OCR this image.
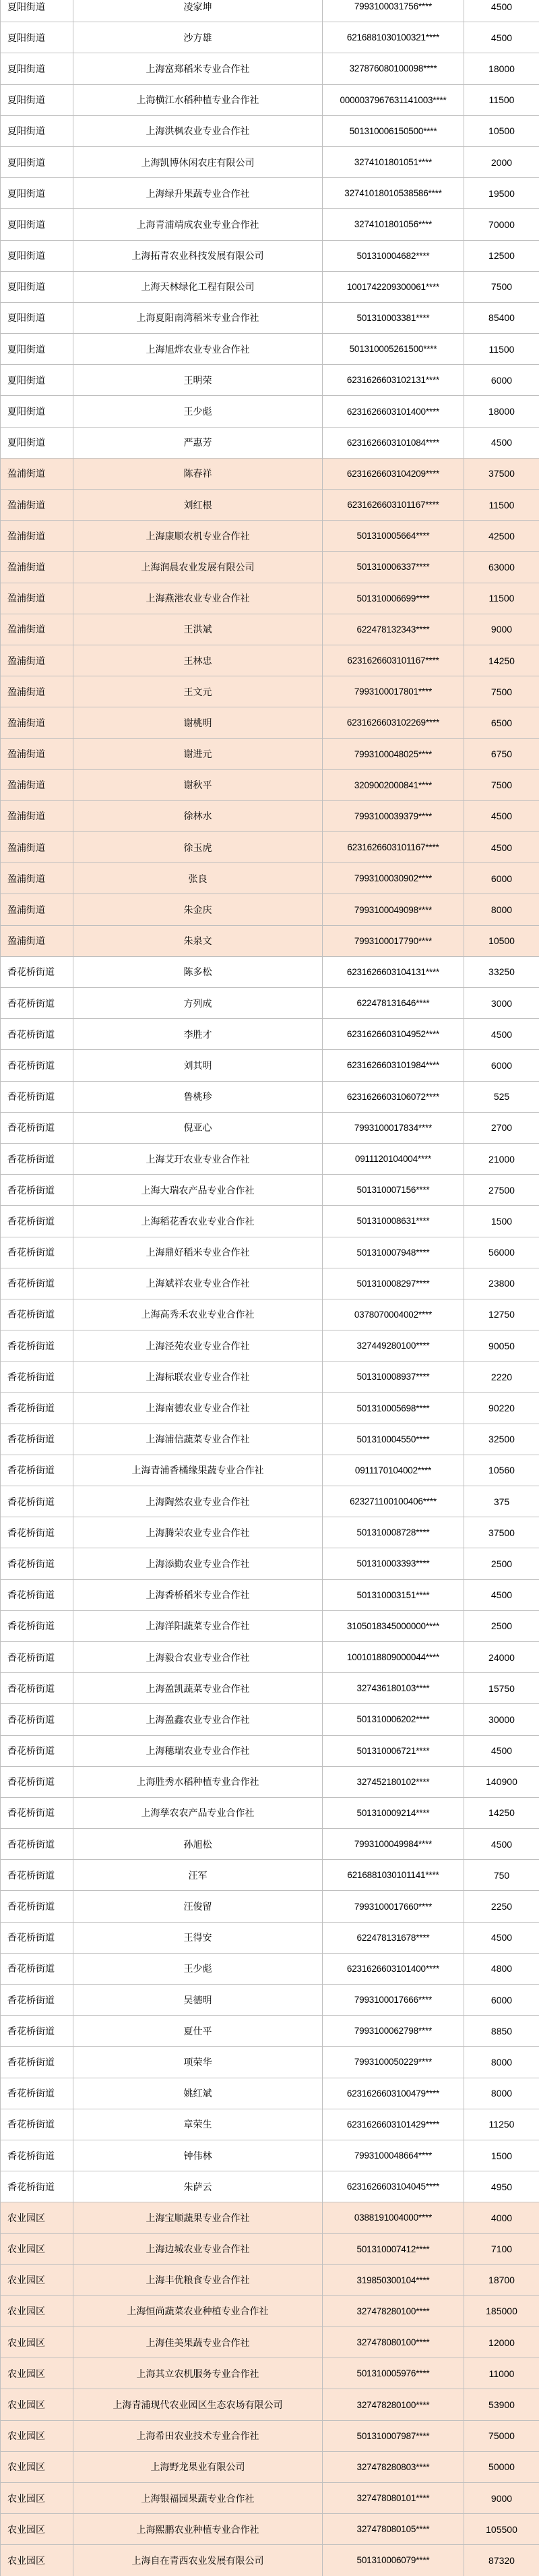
夏阳街道	凌家坤	7993100031756****	4500
夏阳街道	沙方雄	6216881030100321****	4500
夏阳街道	上海富郑稻米专业合作社	327876080100098****	18000
夏阳街道	上海横江水稻种植专业合作社	0000037967631141003****	11500
夏阳街道	上海洪枫农业专业合作社	501310006150500****	10500
夏阳街道	上海凯博休闲农庄有限公司	3274101801051****	2000
夏阳街道	上海绿升果蔬专业合作社	32741018010538586****	19500
夏阳街道	上海青浦靖成农业专业合作社	3274101801056****	70000
夏阳街道	上海拓青农业科技发展有限公司	501310004682****	12500
夏阳街道	上海天林绿化工程有限公司	1001742209300061****	7500
夏阳街道	上海夏阳南湾稻米专业合作社	501310003381****	85400
夏阳街道	上海旭烨农业专业合作社	501310005261500****	11500
夏阳街道	王明荣	6231626603102131****	6000
夏阳街道	王少彪	6231626603101400****	18000
夏阳街道	严惠芳	6231626603101084****	4500
盈浦街道	陈春祥	6231626603104209****	37500
盈浦街道	刘红根	6231626603101167****	11500
盈浦街道	上海康顺农机专业合作社	501310005664****	42500
盈浦街道	上海润晨农业发展有限公司	501310006337****	63000
盈浦街道	上海燕港农业专业合作社	501310006699****	11500
盈浦街道	王洪斌	622478132343****	9000
盈浦街道	王林忠	6231626603101167****	14250
盈浦街道	王文元	7993100017801****	7500
盈浦街道	谢桃明	6231626603102269****	6500
盈浦街道	谢进元	7993100048025****	6750
盈浦街道	谢秋平	3209002000841****	7500
盈浦街道	徐林水	7993100039379****	4500
盈浦街道	徐玉虎	6231626603101167****	4500
盈浦街道	张良	7993100030902****	6000
盈浦街道	朱金庆	7993100049098****	8000
盈浦街道	朱泉文	7993100017790****	10500
香花桥街道	陈多松	6231626603104131****	33250
香花桥街道	方列成	622478131646****	3000
香花桥街道	李胜才	6231626603104952****	4500
香花桥街道	刘其明	6231626603101984****	6000
香花桥街道	鲁桃珍	6231626603106072****	525
香花桥街道	倪亚心	7993100017834****	2700
香花桥街道	上海艾玗农业专业合作社	0911120104004****	21000
香花桥街道	上海大瑞农产品专业合作社	501310007156****	27500
香花桥街道	上海稻花香农业专业合作社	501310008631****	1500
香花桥街道	上海鼎好稻米专业合作社	501310007948****	56000
香花桥街道	上海斌祥农业专业合作社	501310008297****	23800
香花桥街道	上海高秀禾农业专业合作社	0378070004002****	12750
香花桥街道	上海泾苑农业专业合作社	327449280100****	90050
香花桥街道	上海标联农业专业合作社	501310008937****	2220
香花桥街道	上海南德农业专业合作社	501310005698****	90220
香花桥街道	上海浦信蔬菜专业合作社	501310004550****	32500
香花桥街道	上海青浦香橘缘果蔬专业合作社	0911170104002****	10560
香花桥街道	上海陶然农业专业合作社	623271100100406****	375
香花桥街道	上海腾荣农业专业合作社	501310008728****	37500
香花桥街道	上海添勤农业专业合作社	501310003393****	2500
香花桥街道	上海香桥稻米专业合作社	501310003151****	4500
香花桥街道	上海洋阳蔬菜专业合作社	3105018345000000****	2500
香花桥街道	上海毅合农业专业合作社	1001018809000044****	24000
香花桥街道	上海盈凯蔬菜专业合作社	327436180103****	15750
香花桥街道	上海盈鑫农业专业合作社	501310006202****	30000
香花桥街道	上海穗瑞农业专业合作社	501310006721****	4500
香花桥街道	上海胜秀水稻种植专业合作社	327452180102****	140900
香花桥街道	上海孳农农产品专业合作社	501310009214****	14250
香花桥街道	孙旭松	7993100049984****	4500
香花桥街道	汪军	6216881030101141****	750
香花桥街道	汪俊留	7993100017660****	2250
香花桥街道	王得安	622478131678****	4500
香花桥街道	王少彪	6231626603101400****	4800
香花桥街道	吴德明	7993100017666****	6000
香花桥街道	夏仕平	7993100062798****	8850
香花桥街道	项荣华	7993100050229****	8000
香花桥街道	姚红斌	6231626603100479****	8000
香花桥街道	章荣生	6231626603101429****	11250
香花桥街道	钟伟林	7993100048664****	1500
香花桥街道	朱萨云	6231626603104045****	4950
农业园区	上海宝顺蔬果专业合作社	0388191004000****	4000
农业园区	上海边城农业专业合作社	501310007412****	7100
农业园区	上海丰优粮食专业合作社	319850300104****	18700
农业园区	上海恒尚蔬菜农业种植专业合作社	327478280100****	185000
农业园区	上海佳美果蔬专业合作社	327478080100****	12000
农业园区	上海其立农机服务专业合作社	501310005976****	11000
农业园区	上海青浦现代农业园区生态农场有限公司	327478280100****	53900
农业园区	上海希田农业技术专业合作社	501310007987****	75000
农业园区	上海野龙果业有限公司	327478280803****	50000
农业园区	上海银福园果蔬专业合作社	327478080101****	9000
农业园区	上海熙鹏农业种植专业合作社	327478080105****	105500
农业园区	上海自在青西农业发展有限公司	501310006079****	87320
